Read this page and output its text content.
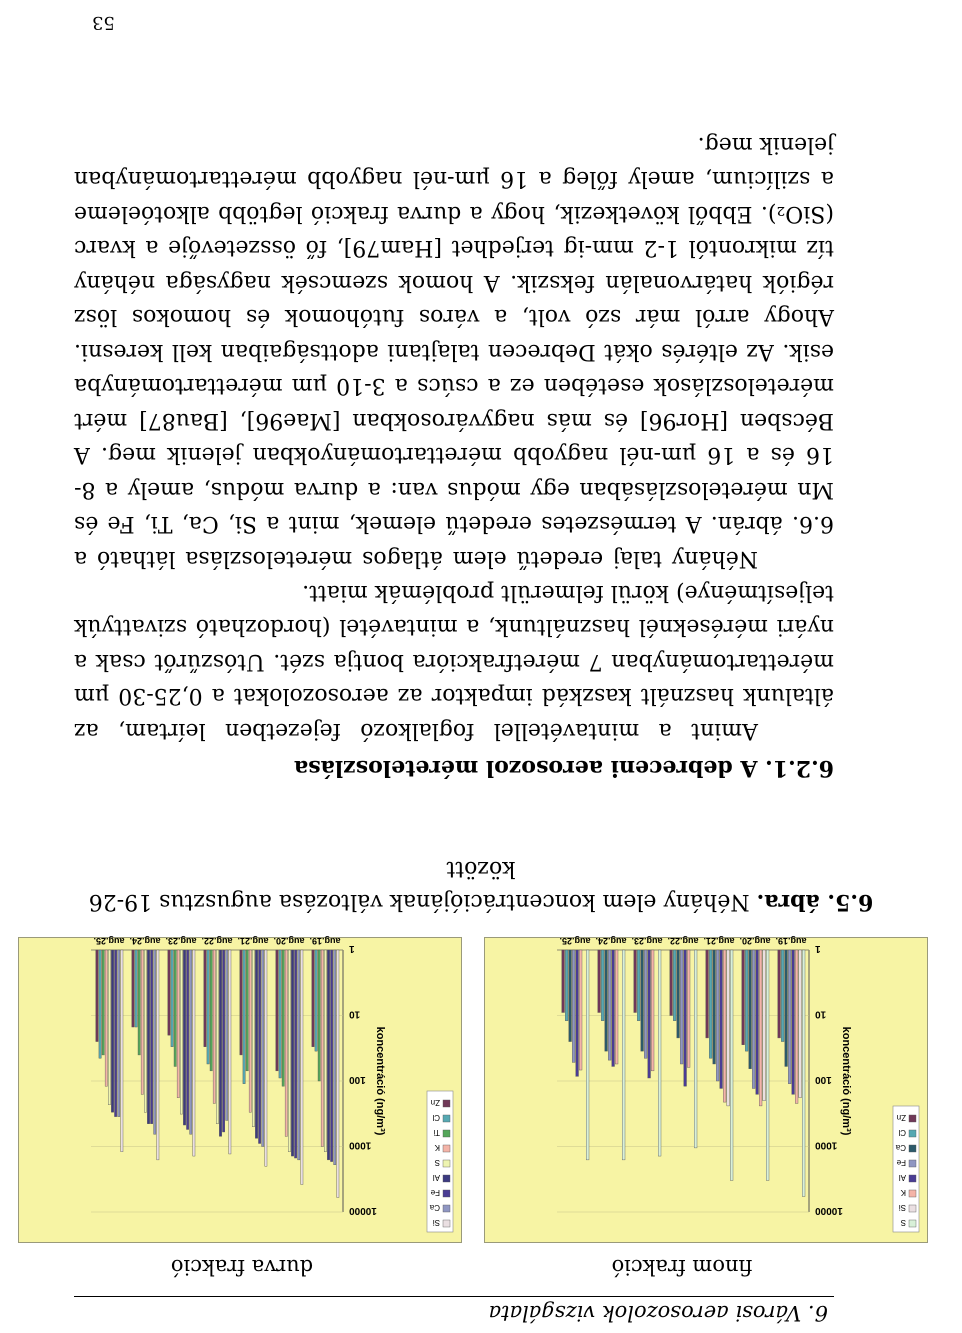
6. Városi aerosozolok vizsgálata
finom frakció
durva frakció
1
10
100
1000
10000
koncentráció (ng/m³)
aug.19.
aug.20.
aug.21.
aug.22.
aug.23.
aug.24.
aug.25.
S
Si
K
Al
Fe
Ca
Cl
Zn
1
10
100
1000
10000
koncentráció (ng/m³)
aug.19.
aug.20.
aug.21.
aug.22.
aug.23.
aug.24.
aug.25.
Si
Ca
Fe
Al
S
K
Ti
Cl
Zn
6.5. ábra. Néhány elem koncentrációjának változása augusztus 19-26
között
6.2.1. A debreceni aerosozol méreteloszlása
Amint a mintavétellel foglalkozó fejezetben leírtam, az általunk használt kaszkád impaktor az aerosozolokat a 0,25-30 µm mérettartományban 7 méretfrakcióra bontja szét. Utószűrőt csak a nyári méréseknél használtunk, a mintavétel (hordozható szivattyúk teljesítménye) körül felmerült problémák miatt.
Néhány talaj eredetű elem átlagos méreteloszlása látható a 6.6. ábrán. A természetes eredetű elemek, mint a Si, Ca, Ti, Fe és Mn méreteloszlásában egy módus van: a durva módus, amely a 8-16 és a 16 µm-nél nagyobb mérettartományokban jelenik meg. A Bécsben [Hor96] és más nagyvárosokban [Mae96], [Bau87] mért méreteloszlások esetében ez a csúcs a 3-10 µm mérettartományba esik. Az eltérés okát Debrecen talajtani adottságaiban kell keresni. Ahogy arról már szó volt, a város futóhomok és homokos lösz régiók határvonalán fekszik. A homok szemcsék nagysága néhány tíz mikrontól 1-2 mm-ig terjedhet [Ham79], fő összetevője a kvarc (SiO₂). Ebből következik, hogy a durva frakció legtöbb alkotóeleme a szilícium, amely főleg a 16 µm-nél nagyobb mérettartományban jelenik meg.
53
